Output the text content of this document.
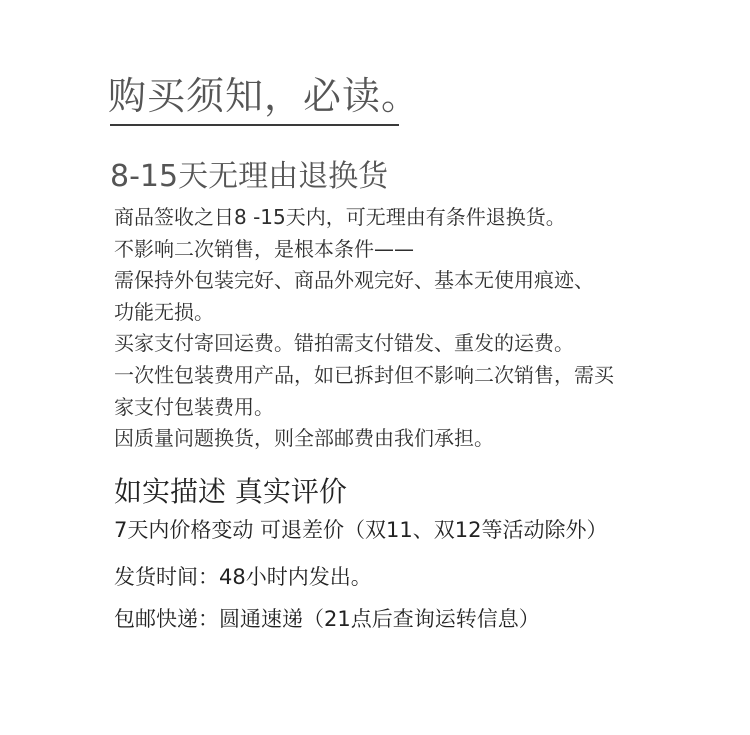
购买须知，必读。
8-15天无理由退换货
商品签收之日8 -15天内，可无理由有条件退换货。
不影响二次销售，是根本条件——
需保持外包装完好、商品外观完好、基本无使用痕迹、
功能无损。
买家支付寄回运费。错拍需支付错发、重发的运费。
一次性包装费用产品，如已拆封但不影响二次销售，需买
家支付包装费用。
因质量问题换货，则全部邮费由我们承担。
如实描述 真实评价
7天内价格变动 可退差价（双11、双12等活动除外）
发货时间：48小时内发出。
包邮快递：圆通速递（21点后查询运转信息）
